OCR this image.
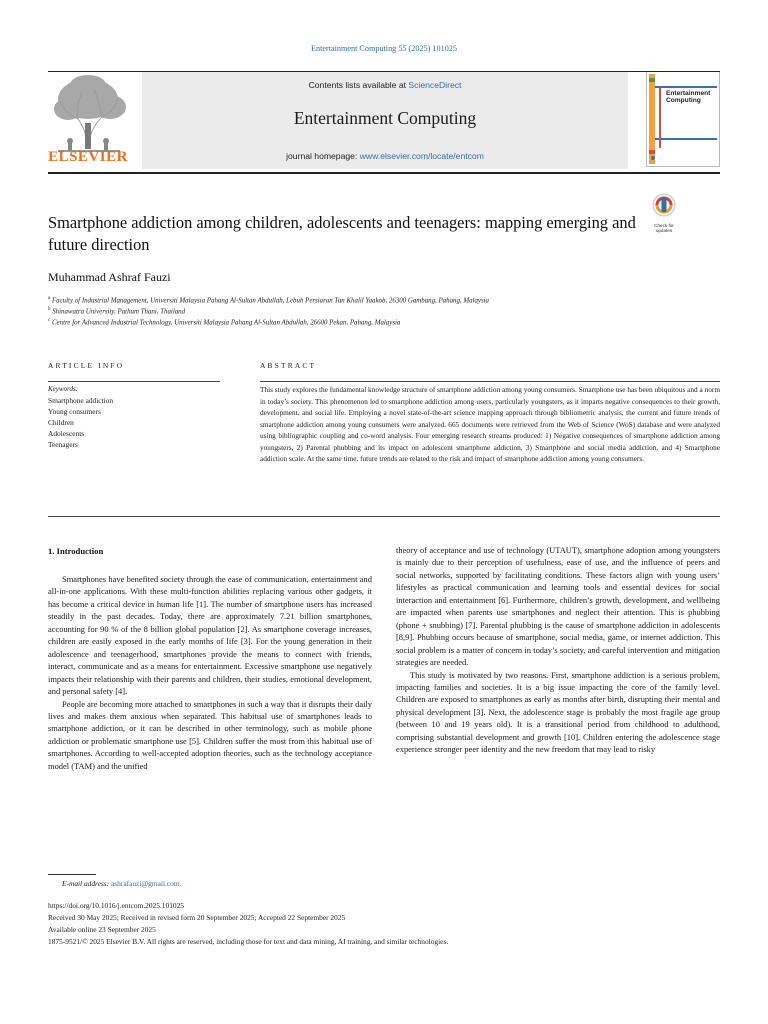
Entertainment Computing 55 (2025) 101025
ELSEVIER
Contents lists available at ScienceDirect
Entertainment Computing
journal homepage: www.elsevier.com/locate/entcom
Entertainment Computing
Smartphone addiction among children, adolescents and teenagers: mapping emerging and future direction
Check for updates
Muhammad Ashraf Fauzi
$^a$ Faculty of Industrial Management, Universiti Malaysia Pahang Al-Sultan Abdullah, Lebuh Persiaran Tun Khalil Yaakob, 26300 Gambang, Pahang, Malaysia
$^b$ Shinawatra University, Pathum Thani, Thailand
$^c$ Centre for Advanced Industrial Technology, Universiti Malaysia Pahang Al-Sultan Abdullah, 26600 Pekan, Pahang, Malaysia
ARTICLE INFO	ABSTRACT
Keywords:
Smartphone addiction
Young consumers
Children
Adolescents
Teenagers
This study explores the fundamental knowledge structure of smartphone addiction among young consumers. Smartphone use has been ubiquitous and a norm in today’s society. This phenomenon led to smartphone addiction among users, particularly youngsters, as it imparts negative consequences to their growth, development, and social life. Employing a novel state-of-the-art science mapping approach through bibliometric analysis, the current and future trends of smartphone addiction among young consumers were analyzed. 665 documents were retrieved from the Web of Science (WoS) database and were analyzed using bibliographic coupling and co-word analysis. Four emerging research streams produced: 1) Negative consequences of smartphone addiction among youngsters, 2) Parental phubbing and its impact on adolescent smartphone addiction, 3) Smartphone and social media addiction, and 4) Smartphone addiction scale. At the same time, future trends are related to the risk and impact of smartphone addiction among young consumers.
1. Introduction

Smartphones have benefited society through the ease of communication, entertainment and all-in-one applications. With these multi-function abilities replacing various other gadgets, it has become a critical device in human life [1]. The number of smartphone users has increased steadily in the past decades. Today, there are approximately 7.21 billion smartphones, accounting for 90 % of the 8 billion global population [2]. As smartphone coverage increases, children are easily exposed in the early months of life [3]. For the young generation in their adolescence and teenagerhood, smartphones provide the means to connect with friends, interact, communicate and as a means for entertainment. Excessive smartphone use negatively impacts their relationship with their parents and children, their studies, emotional development, and personal safety [4].

People are becoming more attached to smartphones in such a way that it disrupts their daily lives and makes them anxious when separated. This habitual use of smartphones leads to smartphone addiction, or it can be described in other terminology, such as mobile phone addiction or problematic smartphone use [5]. Children suffer the most from this habitual use of smartphones. According to well-accepted adoption theories, such as the technology acceptance model (TAM) and the unified

theory of acceptance and use of technology (UTAUT), smartphone adoption among youngsters is mainly due to their perception of usefulness, ease of use, and the influence of peers and social networks, supported by facilitating conditions. These factors align with young users’ lifestyles as practical communication and learning tools and essential devices for social interaction and entertainment [6]. Furthermore, children’s growth, development, and wellbeing are impacted when parents use smartphones and neglect their attention. This is phubbing (phone + snubbing) [7]. Parental phubbing is the cause of smartphone addiction in adolescents [8,9]. Phubbing occurs because of smartphone, social media, game, or internet addiction. This social problem is a matter of concern in today’s society, and careful intervention and mitigation strategies are needed.

This study is motivated by two reasons. First, smartphone addiction is a serious problem, impacting families and societies. It is a big issue impacting the core of the family level. Children are exposed to smartphones as early as months after birth, disrupting their mental and physical development [3]. Next, the adolescence stage is probably the most fragile age group (between 10 and 19 years old). It is a transitional period from childhood to adulthood, comprising substantial development and growth [10]. Children entering the adolescence stage experience stronger peer identity and the new freedom that may lead to risky

E-mail address: ashrafauzi@gmail.com.
https://doi.org/10.1016/j.entcom.2025.101025
Received 30 May 2025; Received in revised form 20 September 2025; Accepted 22 September 2025
Available online 23 September 2025
1875-9521/© 2025 Elsevier B.V. All rights are reserved, including those for text and data mining, AI training, and similar technologies.
